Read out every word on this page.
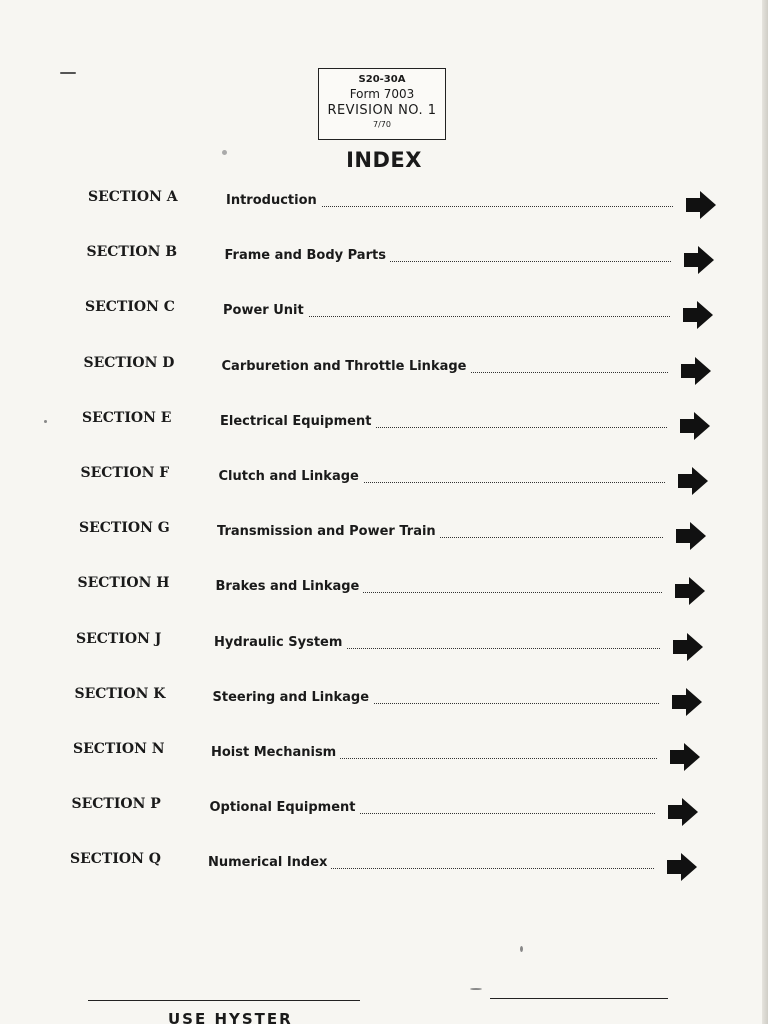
S20-30A
Form 7003
REVISION NO. 1
7/70
INDEX
SECTION A	Introduction
SECTION B	Frame and Body Parts
SECTION C	Power Unit
SECTION D	Carburetion and Throttle Linkage
SECTION E	Electrical Equipment
SECTION F	Clutch and Linkage
SECTION G	Transmission and Power Train
SECTION H	Brakes and Linkage
SECTION J	Hydraulic System
SECTION K	Steering and Linkage
SECTION N	Hoist Mechanism
SECTION P	Optional Equipment
SECTION Q	Numerical Index
USE HYSTER
